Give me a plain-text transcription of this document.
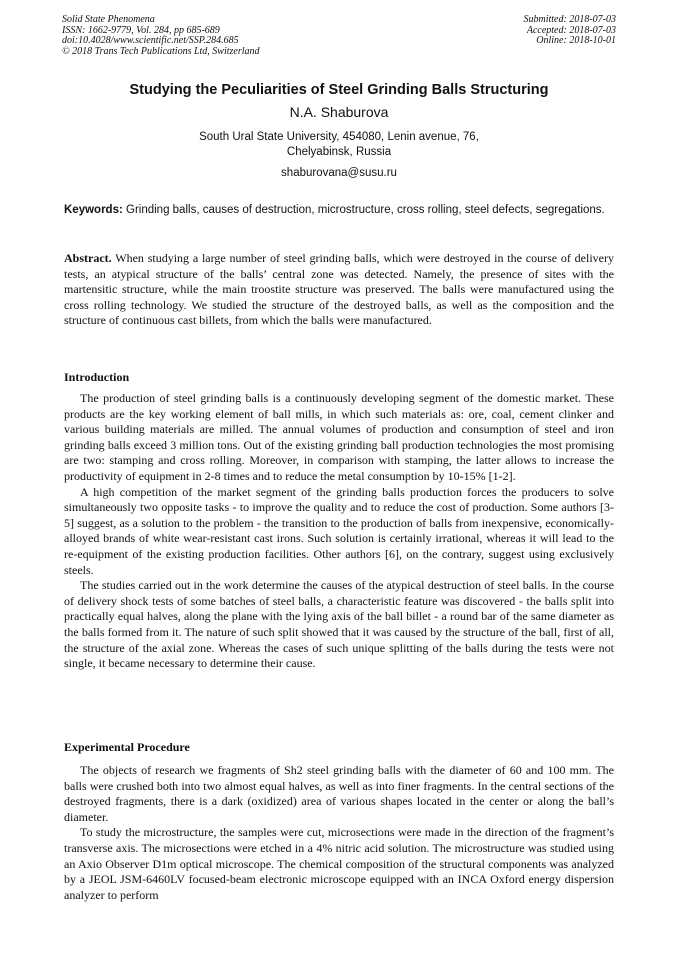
Solid State Phenomena
ISSN: 1662-9779, Vol. 284, pp 685-689
doi:10.4028/www.scientific.net/SSP.284.685
© 2018 Trans Tech Publications Ltd, Switzerland
Submitted: 2018-07-03
Accepted: 2018-07-03
Online: 2018-10-01
Studying the Peculiarities of Steel Grinding Balls Structuring
N.A. Shaburova
South Ural State University, 454080, Lenin avenue, 76,
Chelyabinsk, Russia
shaburovana@susu.ru
Keywords: Grinding balls, causes of destruction, microstructure, cross rolling, steel defects, segregations.
Abstract. When studying a large number of steel grinding balls, which were destroyed in the course of delivery tests, an atypical structure of the balls’ central zone was detected. Namely, the presence of sites with the martensitic structure, while the main troostite structure was preserved. The balls were manufactured using the cross rolling technology. We studied the structure of the destroyed balls, as well as the composition and the structure of continuous cast billets, from which the balls were manufactured.
Introduction

The production of steel grinding balls is a continuously developing segment of the domestic market. These products are the key working element of ball mills, in which such materials as: ore, coal, cement clinker and various building materials are milled. The annual volumes of production and consumption of steel and iron grinding balls exceed 3 million tons. Out of the existing grinding ball production technologies the most promising are two: stamping and cross rolling. Moreover, in comparison with stamping, the latter allows to increase the productivity of equipment in 2-8 times and to reduce the metal consumption by 10-15% [1-2].

A high competition of the market segment of the grinding balls production forces the producers to solve simultaneously two opposite tasks - to improve the quality and to reduce the cost of production. Some authors [3-5] suggest, as a solution to the problem - the transition to the production of balls from inexpensive, economically-alloyed brands of white wear-resistant cast irons. Such solution is certainly irrational, whereas it will lead to the re-equipment of the existing production facilities. Other authors [6], on the contrary, suggest using exclusively steels.

The studies carried out in the work determine the causes of the atypical destruction of steel balls. In the course of delivery shock tests of some batches of steel balls, a characteristic feature was discovered - the balls split into practically equal halves, along the plane with the lying axis of the ball billet - a round bar of the same diameter as the balls formed from it. The nature of such split showed that it was caused by the structure of the ball, first of all, the structure of the axial zone. Whereas the cases of such unique splitting of the balls during the tests were not single, it became necessary to determine their cause.

Experimental Procedure

The objects of research we fragments of Sh2 steel grinding balls with the diameter of 60 and 100 mm. The balls were crushed both into two almost equal halves, as well as into finer fragments. In the central sections of the destroyed fragments, there is a dark (oxidized) area of various shapes located in the center or along the ball’s diameter.

To study the microstructure, the samples were cut, microsections were made in the direction of the fragment’s transverse axis. The microsections were etched in a 4% nitric acid solution. The microstructure was studied using an Axio Observer D1m optical microscope. The chemical composition of the structural components was analyzed by a JEOL JSM-6460LV focused-beam electronic microscope equipped with an INCA Oxford energy dispersion analyzer to perform
